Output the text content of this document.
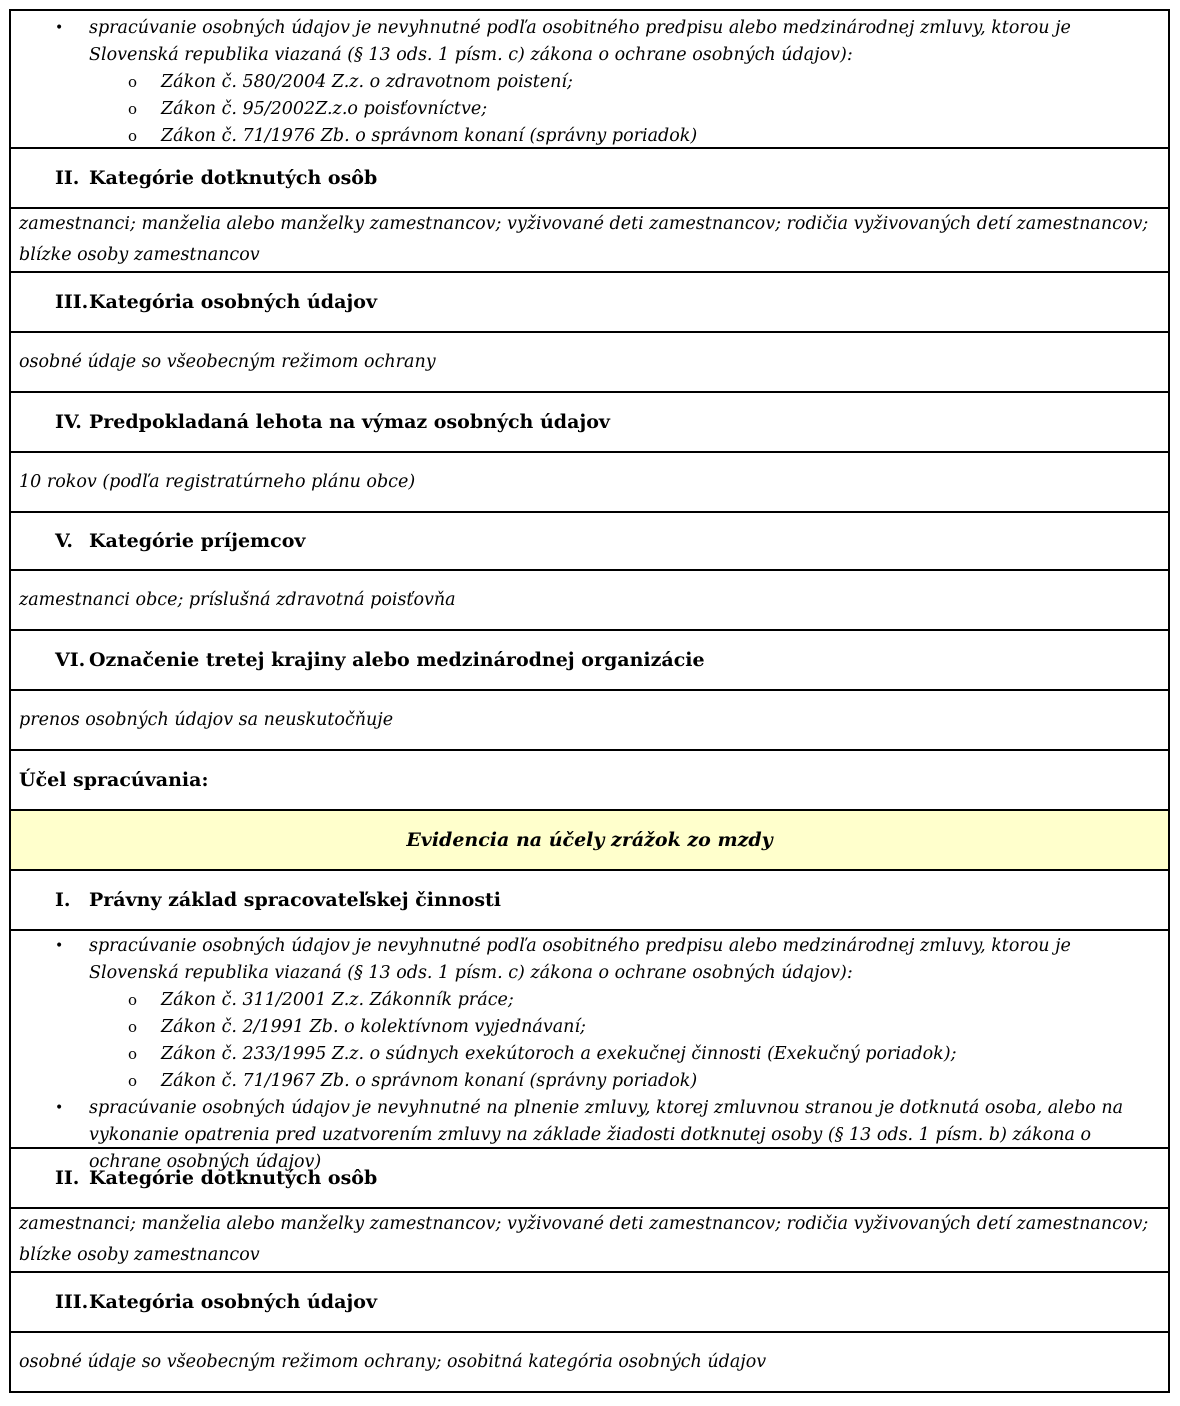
• spracúvanie osobných údajov je nevyhnutné podľa osobitného predpisu alebo medzinárodnej zmluvy, ktorou je Slovenská republika viazaná (§ 13 ods. 1 písm. c) zákona o ochrane osobných údajov):
o Zákon č. 580/2004 Z.z. o zdravotnom poistení;
o Zákon č. 95/2002Z.z.o poisťovníctve;
o Zákon č. 71/1976 Zb. o správnom konaní (správny poriadok)
II. Kategórie dotknutých osôb
zamestnanci; manželia alebo manželky zamestnancov; vyživované deti zamestnancov; rodičia vyživovaných detí zamestnancov; blízke osoby zamestnancov
III. Kategória osobných údajov
osobné údaje so všeobecným režimom ochrany
IV. Predpokladaná lehota na výmaz osobných údajov
10 rokov (podľa registratúrneho plánu obce)
V. Kategórie príjemcov
zamestnanci obce; príslušná zdravotná poisťovňa
VI. Označenie tretej krajiny alebo medzinárodnej organizácie
prenos osobných údajov sa neuskutočňuje
Účel spracúvania:
Evidencia na účely zrážok zo mzdy
I. Právny základ spracovateľskej činnosti
• spracúvanie osobných údajov je nevyhnutné podľa osobitného predpisu alebo medzinárodnej zmluvy, ktorou je Slovenská republika viazaná (§ 13 ods. 1 písm. c) zákona o ochrane osobných údajov):
o Zákon č. 311/2001 Z.z. Zákonník práce;
o Zákon č. 2/1991 Zb. o kolektívnom vyjednávaní;
o Zákon č. 233/1995 Z.z. o súdnych exekútoroch a exekučnej činnosti (Exekučný poriadok);
o Zákon č. 71/1967 Zb. o správnom konaní (správny poriadok)
• spracúvanie osobných údajov je nevyhnutné na plnenie zmluvy, ktorej zmluvnou stranou je dotknutá osoba, alebo na vykonanie opatrenia pred uzatvorením zmluvy na základe žiadosti dotknutej osoby (§ 13 ods. 1 písm. b) zákona o ochrane osobných údajov)
II. Kategórie dotknutých osôb
zamestnanci; manželia alebo manželky zamestnancov; vyživované deti zamestnancov; rodičia vyživovaných detí zamestnancov; blízke osoby zamestnancov
III. Kategória osobných údajov
osobné údaje so všeobecným režimom ochrany; osobitná kategória osobných údajov
